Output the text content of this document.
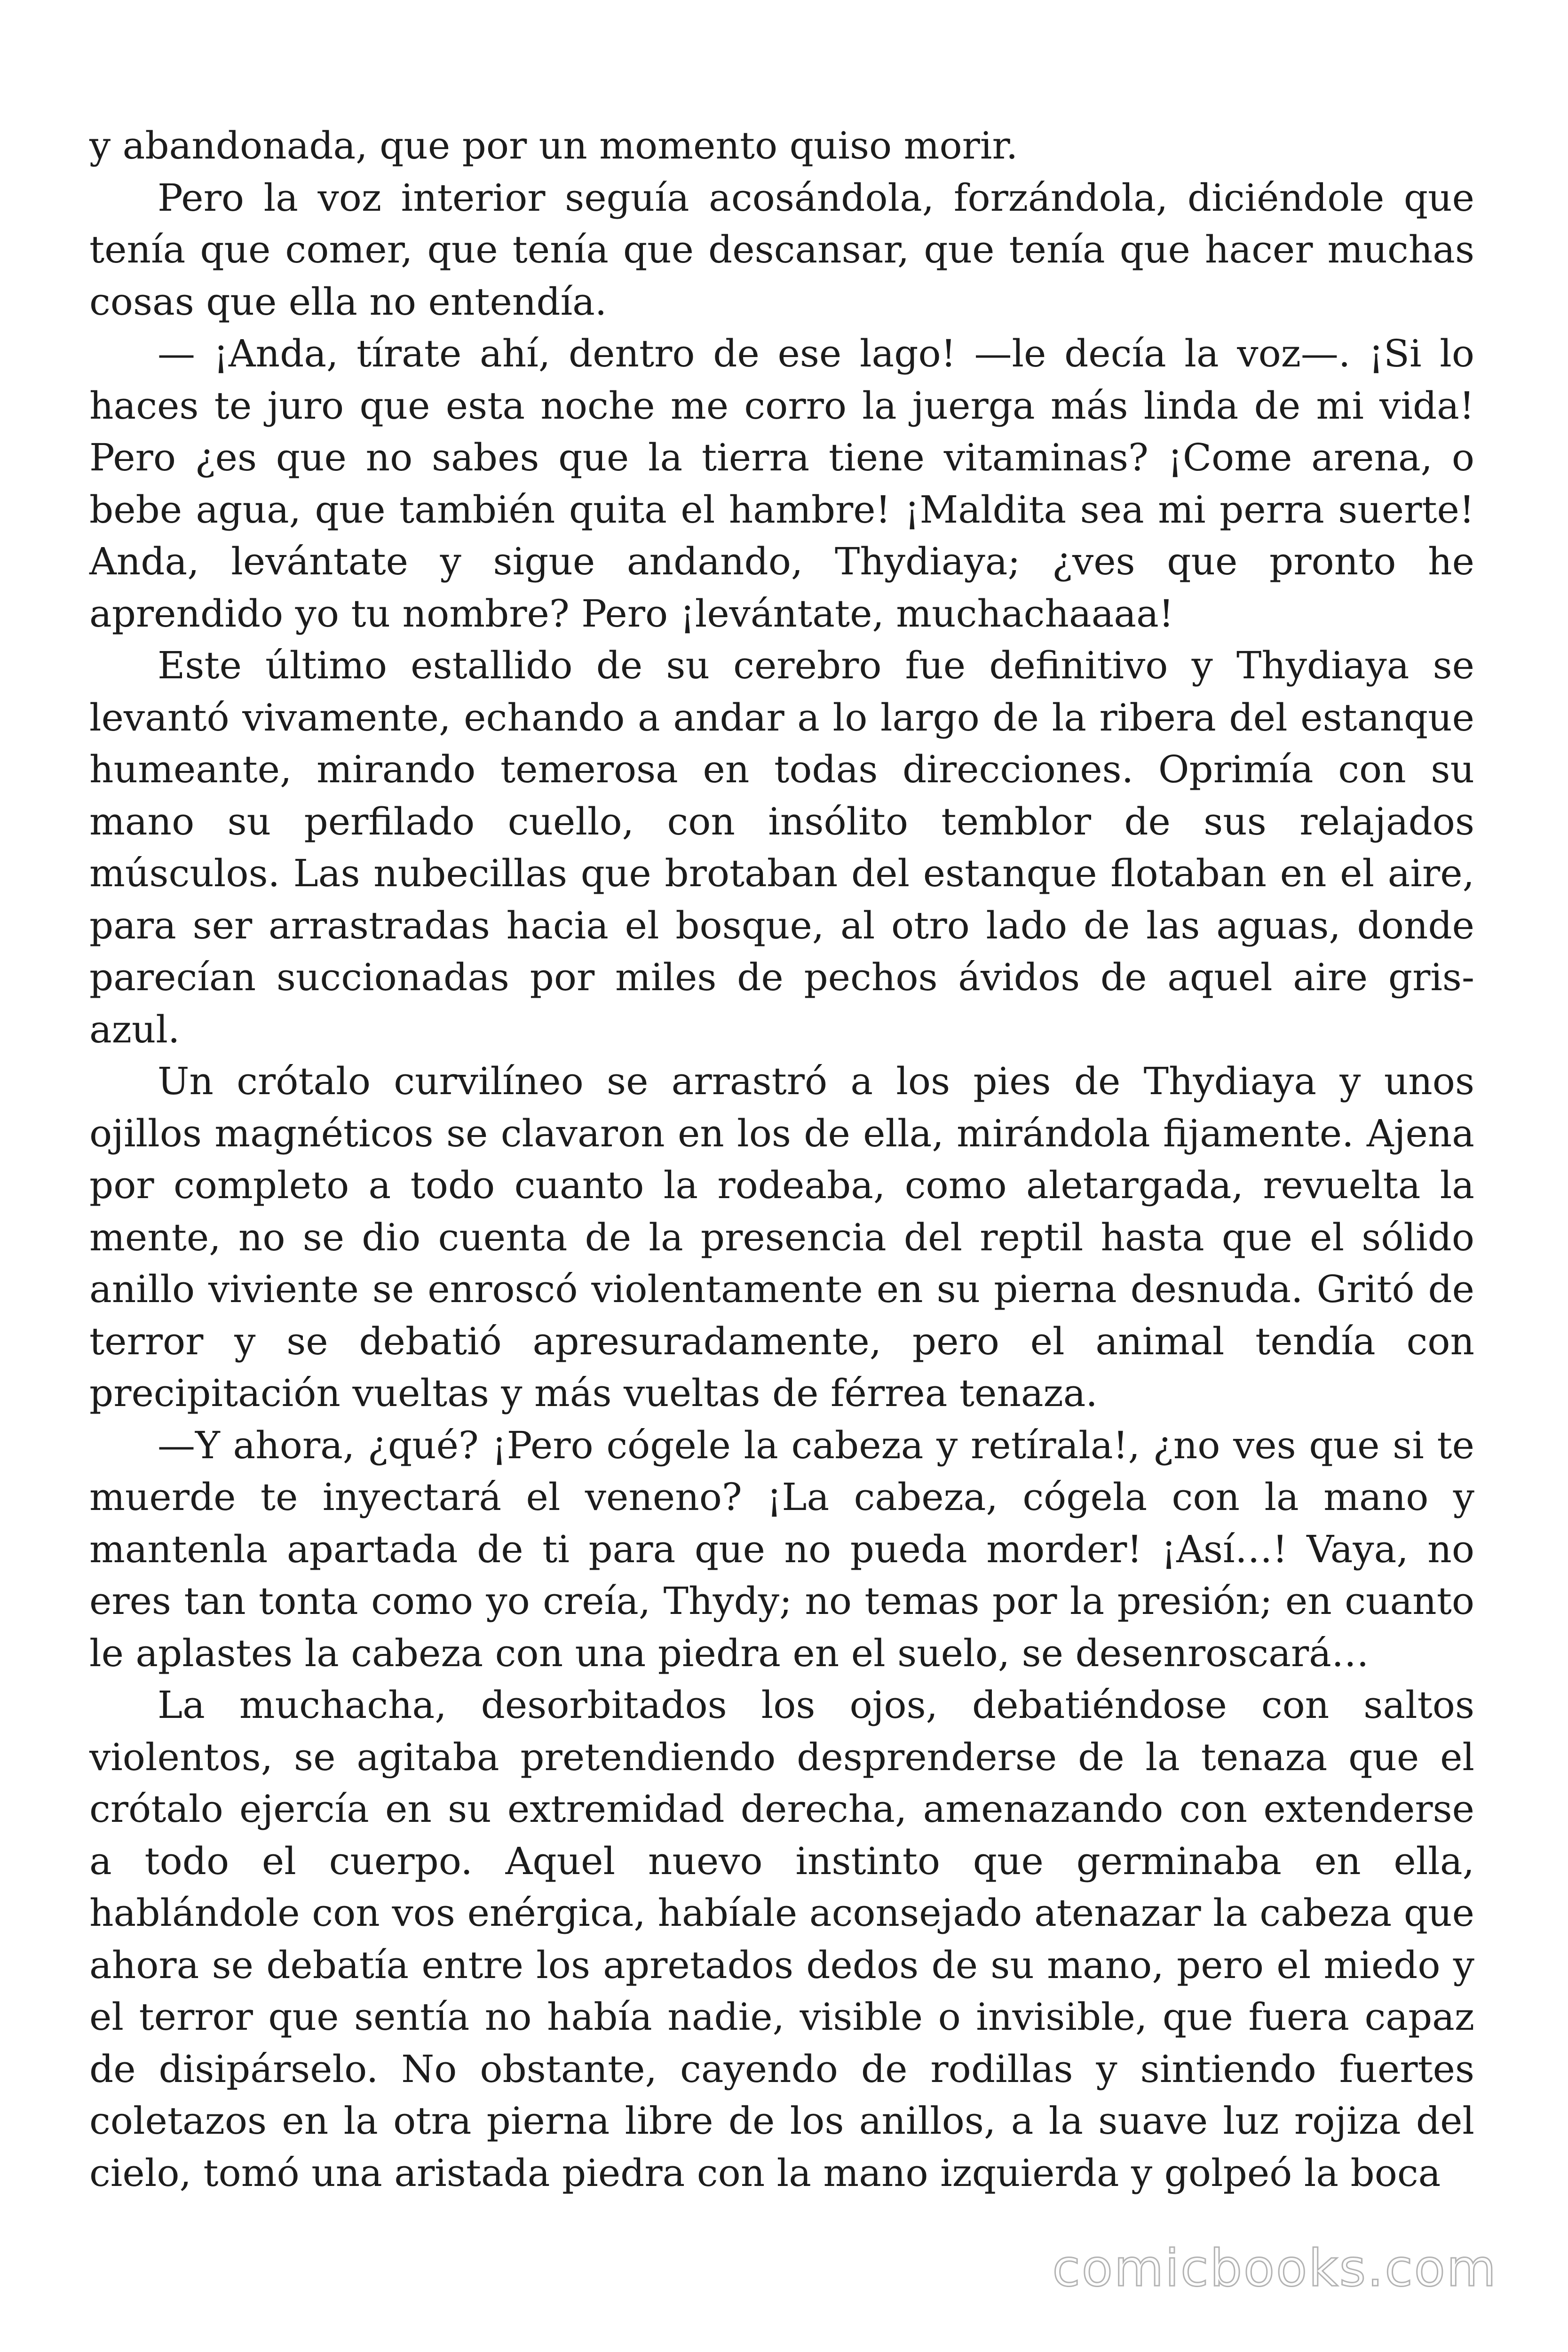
y abandonada, que por un momento quiso morir.

Pero la voz interior seguía acosándola, forzándola, diciéndole que tenía que comer, que tenía que descansar, que tenía que hacer muchas cosas que ella no entendía.

— ¡Anda, tírate ahí, dentro de ese lago! —le decía la voz—. ¡Si lo haces te juro que esta noche me corro la juerga más linda de mi vida! Pero ¿es que no sabes que la tierra tiene vitaminas? ¡Come arena, o bebe agua, que también quita el hambre! ¡Maldita sea mi perra suerte! Anda, levántate y sigue andando, Thydiaya; ¿ves que pronto he aprendido yo tu nombre? Pero ¡levántate, muchachaaaa!

Este último estallido de su cerebro fue definitivo y Thydiaya se levantó vivamente, echando a andar a lo largo de la ribera del estanque humeante, mirando temerosa en todas direcciones. Oprimía con su mano su perfilado cuello, con insólito temblor de sus relajados músculos. Las nubecillas que brotaban del estanque flotaban en el aire, para ser arrastradas hacia el bosque, al otro lado de las aguas, donde parecían succionadas por miles de pechos ávidos de aquel aire gris-azul.

Un crótalo curvilíneo se arrastró a los pies de Thydiaya y unos ojillos magnéticos se clavaron en los de ella, mirándola fijamente. Ajena por completo a todo cuanto la rodeaba, como aletargada, revuelta la mente, no se dio cuenta de la presencia del reptil hasta que el sólido anillo viviente se enroscó violentamente en su pierna desnuda. Gritó de terror y se debatió apresuradamente, pero el animal tendía con precipitación vueltas y más vueltas de férrea tenaza.

—Y ahora, ¿qué? ¡Pero cógele la cabeza y retírala!, ¿no ves que si te muerde te inyectará el veneno? ¡La cabeza, cógela con la mano y mantenla apartada de ti para que no pueda morder! ¡Así…! Vaya, no eres tan tonta como yo creía, Thydy; no temas por la presión; en cuanto le aplastes la cabeza con una piedra en el suelo, se desenroscará…

La muchacha, desorbitados los ojos, debatiéndose con saltos violentos, se agitaba pretendiendo desprenderse de la tenaza que el crótalo ejercía en su extremidad derecha, amenazando con extenderse a todo el cuerpo. Aquel nuevo instinto que germinaba en ella, hablándole con vos enérgica, habíale aconsejado atenazar la cabeza que ahora se debatía entre los apretados dedos de su mano, pero el miedo y el terror que sentía no había nadie, visible o invisible, que fuera capaz de disipárselo. No obstante, cayendo de rodillas y sintiendo fuertes coletazos en la otra pierna libre de los anillos, a la suave luz rojiza del cielo, tomó una aristada piedra con la mano izquierda y golpeó la boca

comicbooks.com
